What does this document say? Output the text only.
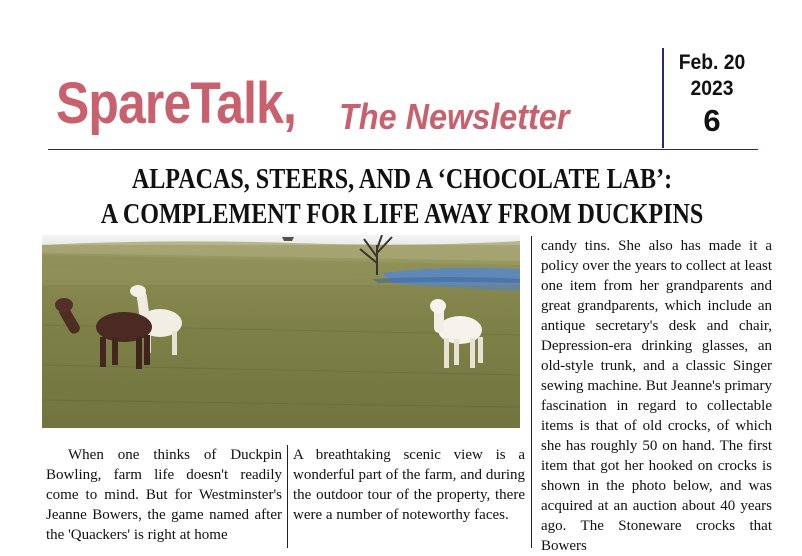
SpareTalk, The Newsletter
Feb. 20
2023
6
ALPACAS, STEERS, AND A ‘CHOCOLATE LAB’:
A COMPLEMENT FOR LIFE AWAY FROM DUCKPINS
When one thinks of Duckpin Bowling, farm life doesn't readily come to mind. But for Westminster's Jeanne Bowers, the game named after the 'Quackers' is right at home
A breathtaking scenic view is a wonderful part of the farm, and during the outdoor tour of the property, there were a number of noteworthy faces.
candy tins. She also has made it a policy over the years to collect at least one item from her grandparents and great grandparents, which include an antique secretary's desk and chair, Depression-era drinking glasses, an old-style trunk, and a classic Singer sewing machine. But Jeanne's primary fascination in regard to collectable items is that of old crocks, of which she has roughly 50 on hand. The first item that got her hooked on crocks is shown in the photo below, and was acquired at an auction about 40 years ago. The Stoneware crocks that Bowers
